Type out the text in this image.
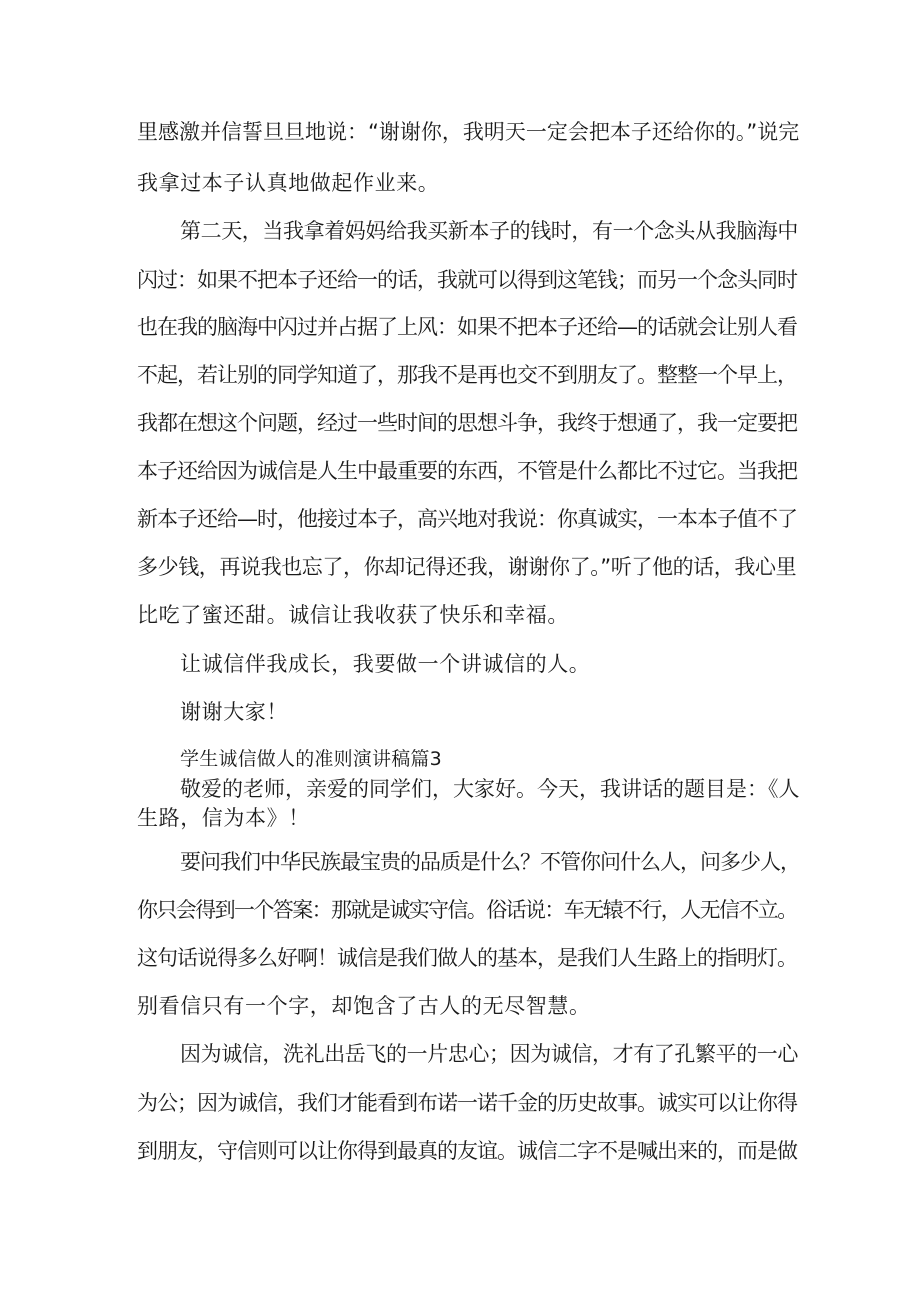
里感激并信誓旦旦地说：“谢谢你，我明天一定会把本子还给你的。”说完
我拿过本子认真地做起作业来。
第二天，当我拿着妈妈给我买新本子的钱时，有一个念头从我脑海中
闪过：如果不把本子还给一的话，我就可以得到这笔钱；而另一个念头同时
也在我的脑海中闪过并占据了上风：如果不把本子还给—的话就会让别人看
不起，若让别的同学知道了，那我不是再也交不到朋友了。整整一个早上，
我都在想这个问题，经过一些时间的思想斗争，我终于想通了，我一定要把
本子还给因为诚信是人生中最重要的东西，不管是什么都比不过它。当我把
新本子还给—时，他接过本子，高兴地对我说：你真诚实，一本本子值不了
多少钱，再说我也忘了，你却记得还我，谢谢你了。”听了他的话，我心里
比吃了蜜还甜。诚信让我收获了快乐和幸福。
让诚信伴我成长，我要做一个讲诚信的人。
谢谢大家！
学生诚信做人的准则演讲稿篇3
敬爱的老师，亲爱的同学们，大家好。今天，我讲话的题目是：《人
生路，信为本》！
要问我们中华民族最宝贵的品质是什么？不管你问什么人，问多少人，
你只会得到一个答案：那就是诚实守信。俗话说：车无辕不行，人无信不立。
这句话说得多么好啊！诚信是我们做人的基本，是我们人生路上的指明灯。
别看信只有一个字，却饱含了古人的无尽智慧。
因为诚信，洗礼出岳飞的一片忠心；因为诚信，才有了孔繁平的一心
为公；因为诚信，我们才能看到布诺一诺千金的历史故事。诚实可以让你得
到朋友，守信则可以让你得到最真的友谊。诚信二字不是喊出来的，而是做
